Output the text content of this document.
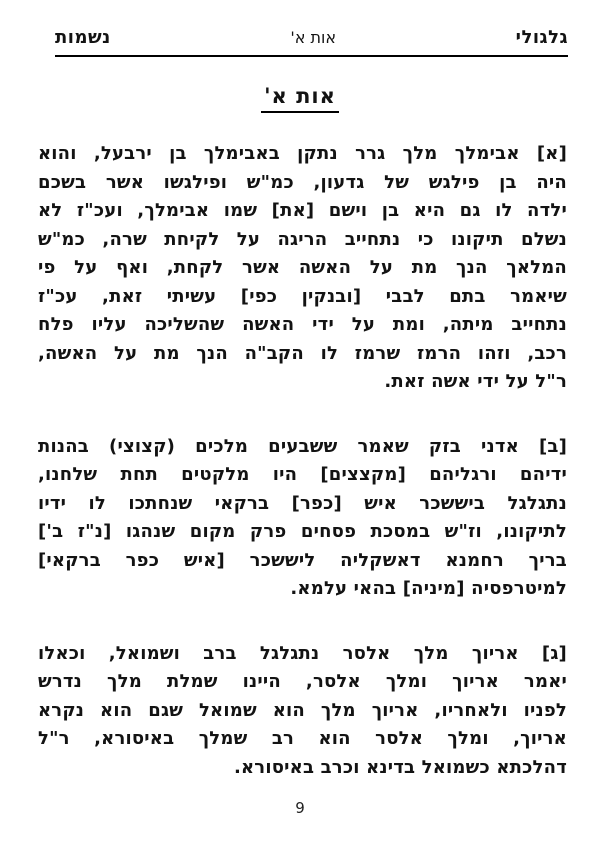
גלגולי
אות א'
נשמות
אות א'
[א] אבימלך מלך גרר נתקן באבימלך בן ירבעל, והוא
היה בן פילגש של גדעון, כמ"ש ופילגשו אשר בשכם
ילדה לו גם היא בן וישם [את] שמו אבימלך, ועכ"ז לא
נשלם תיקונו כי נתחייב הריגה על לקיחת שרה, כמ"ש
המלאך הנך מת על האשה אשר לקחת, ואף על פי
שיאמר בתם לבבי [ובנקין כפי] עשיתי זאת, עכ"ז
נתחייב מיתה, ומת על ידי האשה שהשליכה עליו פלח
רכב, וזהו הרמז שרמז לו הקב"ה הנך מת על האשה,
ר"ל על ידי אשה זאת.
[ב] אדני בזק שאמר ששבעים מלכים (קצוצי) בהנות
ידיהם ורגליהם [מקצצים] היו מלקטים תחת שלחנו,
נתגלגל ביששכר איש [כפר] ברקאי שנחתכו לו ידיו
לתיקונו, וז"ש במסכת פסחים פרק מקום שנהגו [נ"ז ב']
בריך רחמנא דאשקליה ליששכר [איש כפר ברקאי]
למיטרפסיה [מיניה] בהאי עלמא.
[ג] אריוך מלך אלסר נתגלגל ברב ושמואל, וכאלו
יאמר אריוך ומלך אלסר, היינו שמלת מלך נדרש
לפניו ולאחריו, אריוך מלך הוא שמואל שגם הוא נקרא
אריוך, ומלך אלסר הוא רב שמלך באיסורא, ר"ל
דהלכתא כשמואל בדינא וכרב באיסורא.
9
